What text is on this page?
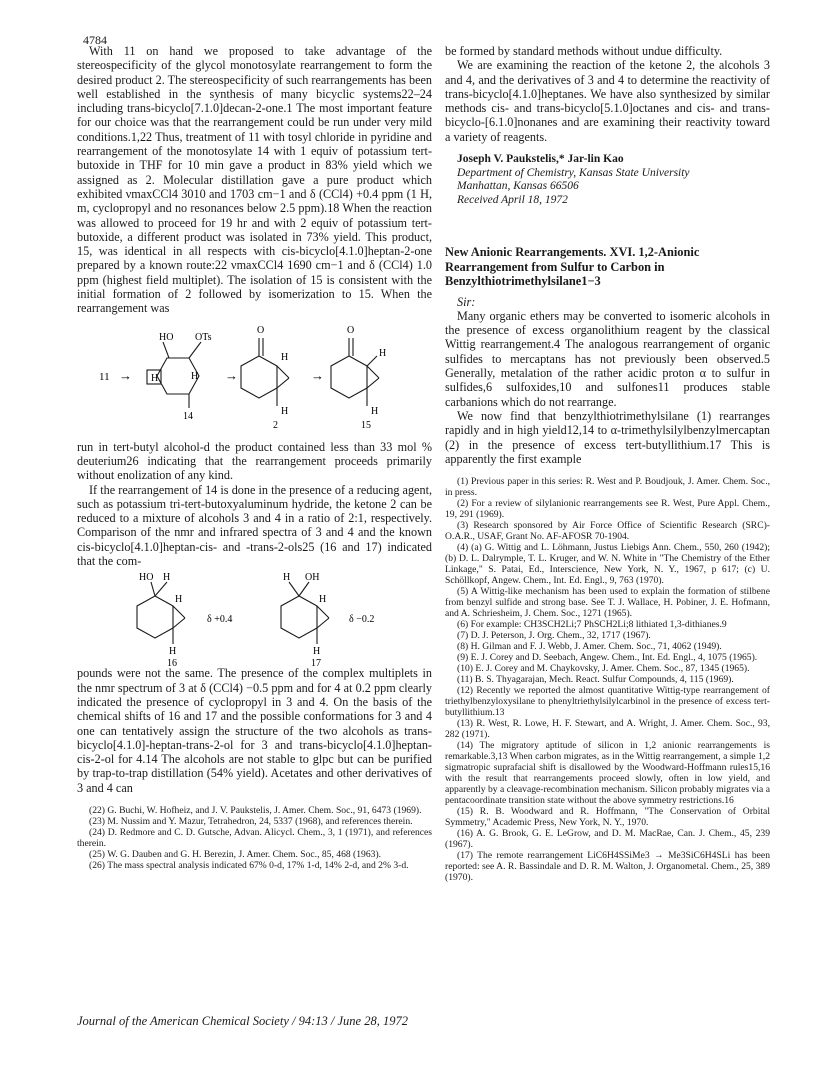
4784

With 11 on hand we proposed to take advantage of the stereospecificity of the glycol monotosylate rearrangement to form the desired product 2. The stereospecificity of such rearrangements has been well established in the synthesis of many bicyclic systems22–24 including trans-bicyclo[7.1.0]decan-2-one.1 The most important feature for our choice was that the rearrangement could be run under very mild conditions.1,22 Thus, treatment of 11 with tosyl chloride in pyridine and rearrangement of the monotosylate 14 with 1 equiv of potassium tert-butoxide in THF for 10 min gave a product in 83% yield which we assigned as 2. Molecular distillation gave a pure product which exhibited νmaxCCl4 3010 and 1703 cm−1 and δ (CCl4) +0.4 ppm (1 H, m, cyclopropyl and no resonances below 2.5 ppm).18 When the reaction was allowed to proceed for 19 hr and with 2 equiv of potassium tert-butoxide, a different product was isolated in 73% yield. This product, 15, was identical in all respects with cis-bicyclo[4.1.0]heptan-2-one prepared by a known route:22 νmaxCCl4 1690 cm−1 and δ (CCl4) 1.0 ppm (highest field multiplet). The isolation of 15 is consistent with the initial formation of 2 followed by isomerization to 15. When the rearrangement was

11 →
HO OTs
H	H
14
→
O
H
H
2
→
O
H
H
15

run in tert-butyl alcohol-d the product contained less than 33 mol % deuterium26 indicating that the rearrangement proceeds primarily without enolization of any kind.

If the rearrangement of 14 is done in the presence of a reducing agent, such as potassium tri-tert-butoxyaluminum hydride, the ketone 2 can be reduced to a mixture of alcohols 3 and 4 in a ratio of 2:1, respectively. Comparison of the nmr and infrared spectra of 3 and 4 and the known cis-bicyclo[4.1.0]heptan-cis- and -trans-2-ols25 (16 and 17) indicated that the com-

HO H
H
H
δ +0.4
16
H OH
H
H
δ −0.2
17

pounds were not the same. The presence of the complex multiplets in the nmr spectrum of 3 at δ (CCl4) −0.5 ppm and for 4 at 0.2 ppm clearly indicated the presence of cyclopropyl in 3 and 4. On the basis of the chemical shifts of 16 and 17 and the possible conformations for 3 and 4 one can tentatively assign the structure of the two alcohols as trans-bicyclo[4.1.0]-heptan-trans-2-ol for 3 and trans-bicyclo[4.1.0]heptan-cis-2-ol for 4.14 The alcohols are not stable to glpc but can be purified by trap-to-trap distillation (54% yield). Acetates and other derivatives of 3 and 4 can

(22) G. Buchi, W. Hofheiz, and J. V. Paukstelis, J. Amer. Chem. Soc., 91, 6473 (1969).

(23) M. Nussim and Y. Mazur, Tetrahedron, 24, 5337 (1968), and references therein.

(24) D. Redmore and C. D. Gutsche, Advan. Alicycl. Chem., 3, 1 (1971), and references therein.

(25) W. G. Dauben and G. H. Berezin, J. Amer. Chem. Soc., 85, 468 (1963).

(26) The mass spectral analysis indicated 67% 0-d, 17% 1-d, 14% 2-d, and 2% 3-d.

be formed by standard methods without undue difficulty.

We are examining the reaction of the ketone 2, the alcohols 3 and 4, and the derivatives of 3 and 4 to determine the reactivity of trans-bicyclo[4.1.0]heptanes. We have also synthesized by similar methods cis- and trans-bicyclo[5.1.0]octanes and cis- and trans-bicyclo-[6.1.0]nonanes and are examining their reactivity toward a variety of reagents.

Joseph V. Paukstelis,* Jar-lin Kao

Department of Chemistry, Kansas State University

Manhattan, Kansas 66506

Received April 18, 1972

New Anionic Rearrangements. XVI. 1,2-Anionic Rearrangement from Sulfur to Carbon in Benzylthiotrimethylsilane1−3

Sir:

Many organic ethers may be converted to isomeric alcohols in the presence of excess organolithium reagent by the classical Wittig rearrangement.4 The analogous rearrangement of organic sulfides to mercaptans has not previously been observed.5 Generally, metalation of the rather acidic proton α to sulfur in sulfides,6 sulfoxides,10 and sulfones11 produces stable carbanions which do not rearrange.

We now find that benzylthiotrimethylsilane (1) rearranges rapidly and in high yield12,14 to α-trimethylsilylbenzylmercaptan (2) in the presence of excess tert-butyllithium.17 This is apparently the first example

(1) Previous paper in this series: R. West and P. Boudjouk, J. Amer. Chem. Soc., in press.

(2) For a review of silylanionic rearrangements see R. West, Pure Appl. Chem., 19, 291 (1969).

(3) Research sponsored by Air Force Office of Scientific Research (SRC)-O.A.R., USAF, Grant No. AF-AFOSR 70-1904.

(4) (a) G. Wittig and L. Löhmann, Justus Liebigs Ann. Chem., 550, 260 (1942); (b) D. L. Dalrymple, T. L. Kruger, and W. N. White in "The Chemistry of the Ether Linkage," S. Patai, Ed., Interscience, New York, N. Y., 1967, p 617; (c) U. Schöllkopf, Angew. Chem., Int. Ed. Engl., 9, 763 (1970).

(5) A Wittig-like mechanism has been used to explain the formation of stilbene from benzyl sulfide and strong base. See T. J. Wallace, H. Pobiner, J. E. Hofmann, and A. Schriesheim, J. Chem. Soc., 1271 (1965).

(6) For example: CH3SCH2Li;7 PhSCH2Li;8 lithiated 1,3-dithianes.9

(7) D. J. Peterson, J. Org. Chem., 32, 1717 (1967).

(8) H. Gilman and F. J. Webb, J. Amer. Chem. Soc., 71, 4062 (1949).

(9) E. J. Corey and D. Seebach, Angew. Chem., Int. Ed. Engl., 4, 1075 (1965).

(10) E. J. Corey and M. Chaykovsky, J. Amer. Chem. Soc., 87, 1345 (1965).

(11) B. S. Thyagarajan, Mech. React. Sulfur Compounds, 4, 115 (1969).

(12) Recently we reported the almost quantitative Wittig-type rearrangement of triethylbenzyloxysilane to phenyltriethylsilylcarbinol in the presence of excess tert-butyllithium.13

(13) R. West, R. Lowe, H. F. Stewart, and A. Wright, J. Amer. Chem. Soc., 93, 282 (1971).

(14) The migratory aptitude of silicon in 1,2 anionic rearrangements is remarkable.3,13 When carbon migrates, as in the Wittig rearrangement, a simple 1,2 sigmatropic suprafacial shift is disallowed by the Woodward-Hoffmann rules15,16 with the result that rearrangements proceed slowly, often in low yield, and apparently by a cleavage-recombination mechanism. Silicon probably migrates via a pentacoordinate transition state without the above symmetry restrictions.16

(15) R. B. Woodward and R. Hoffmann, "The Conservation of Orbital Symmetry," Academic Press, New York, N. Y., 1970.

(16) A. G. Brook, G. E. LeGrow, and D. M. MacRae, Can. J. Chem., 45, 239 (1967).

(17) The remote rearrangement LiC6H4SSiMe3 → Me3SiC6H4SLi has been reported: see A. R. Bassindale and D. R. M. Walton, J. Organometal. Chem., 25, 389 (1970).

Journal of the American Chemical Society / 94:13 / June 28, 1972
